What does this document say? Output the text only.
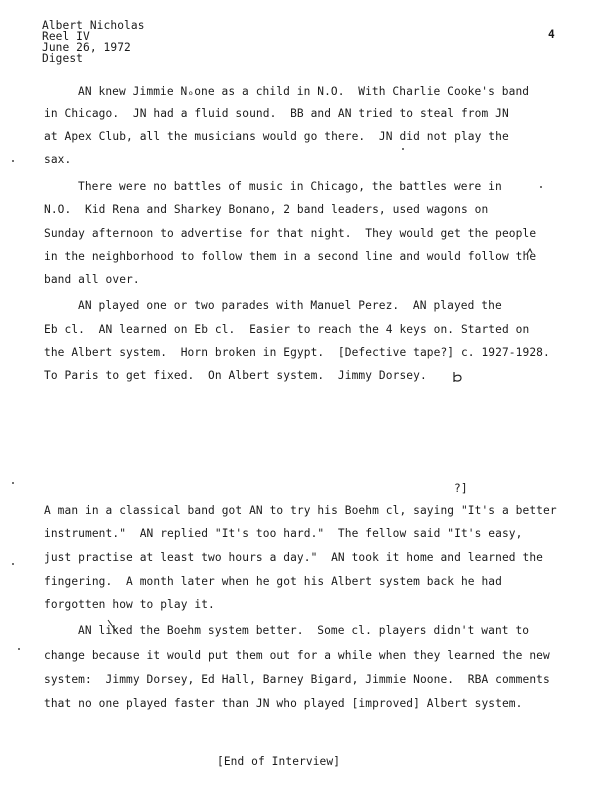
Albert Nicholas
Reel IV
June 26, 1972
Digest
4
AN knew Jimmie Nₒone as a child in N.O.  With Charlie Cooke's band
in Chicago.  JN had a fluid sound.  BB and AN tried to steal from JN
at Apex Club, all the musicians would go there.  JN did not play the
sax.
There were no battles of music in Chicago, the battles were in
N.O.  Kid Rena and Sharkey Bonano, 2 band leaders, used wagons on
Sunday afternoon to advertise for that night.  They would get the people
in the neighborhood to follow them in a second line and would follow the
band all over.
AN played one or two parades with Manuel Perez.  AN played the
Eb cl.  AN learned on Eb cl.  Easier to reach the 4 keys on. Started on
the Albert system.  Horn broken in Egypt.  [Defective tape?] c. 1927-1928.
To Paris to get fixed.  On Albert system.  Jimmy Dorsey.
?]
A man in a classical band got AN to try his Boehm cl, saying "It's a better
instrument."  AN replied "It's too hard."  The fellow said "It's easy,
just practise at least two hours a day."  AN took it home and learned the
fingering.  A month later when he got his Albert system back he had
forgotten how to play it.
AN liked the Boehm system better.  Some cl. players didn't want to
change because it would put them out for a while when they learned the new
system:  Jimmy Dorsey, Ed Hall, Barney Bigard, Jimmie Noone.  RBA comments
that no one played faster than JN who played [improved] Albert system.
[End of Interview]
